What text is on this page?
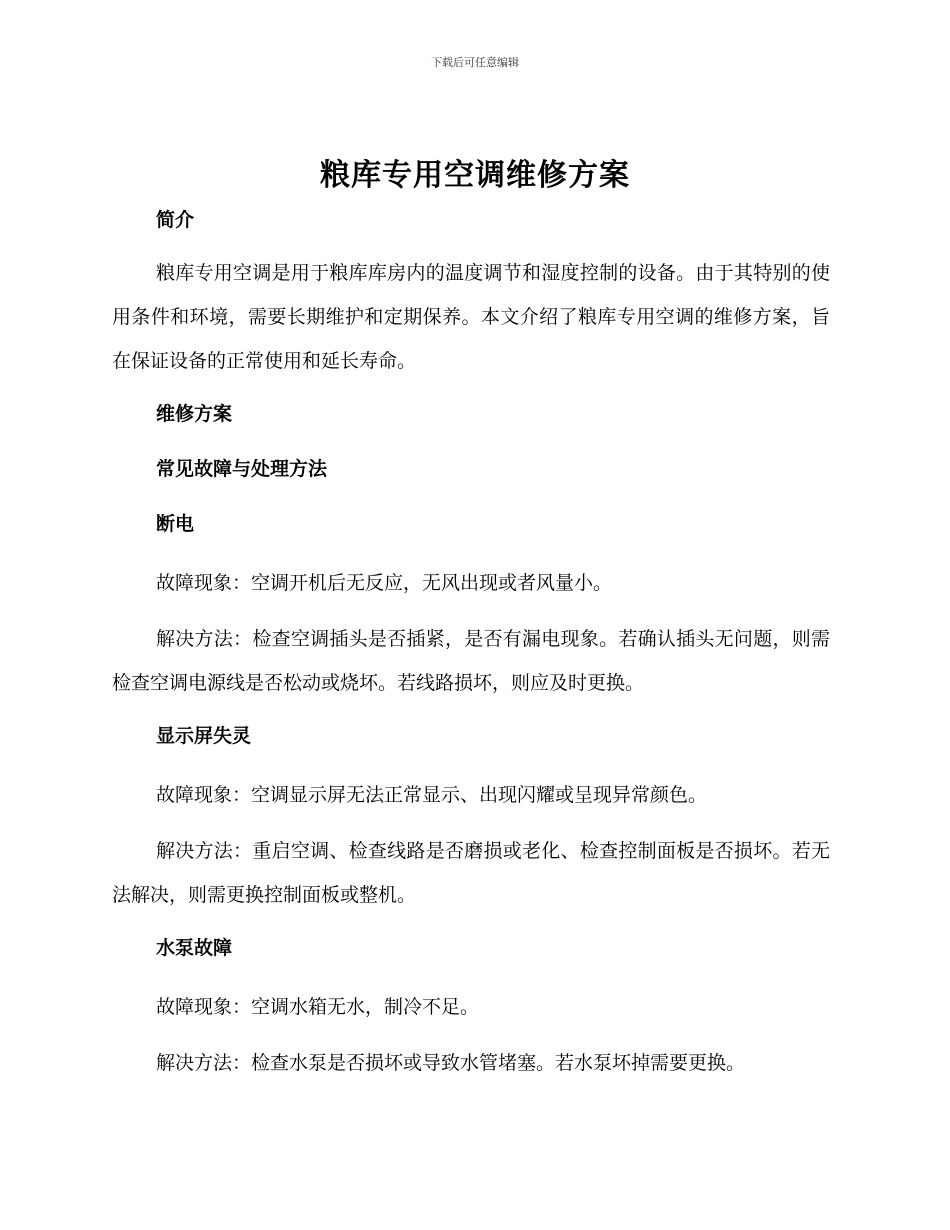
下载后可任意编辑
粮库专用空调维修方案

简介

粮库专用空调是用于粮库库房内的温度调节和湿度控制的设备。由于其特别的使用条件和环境，需要长期维护和定期保养。本文介绍了粮库专用空调的维修方案，旨在保证设备的正常使用和延长寿命。

维修方案

常见故障与处理方法

断电

故障现象：空调开机后无反应，无风出现或者风量小。

解决方法：检查空调插头是否插紧，是否有漏电现象。若确认插头无问题，则需检查空调电源线是否松动或烧坏。若线路损坏，则应及时更换。

显示屏失灵

故障现象：空调显示屏无法正常显示、出现闪耀或呈现异常颜色。

解决方法：重启空调、检查线路是否磨损或老化、检查控制面板是否损坏。若无法解决，则需更换控制面板或整机。

水泵故障

故障现象：空调水箱无水，制冷不足。

解决方法：检查水泵是否损坏或导致水管堵塞。若水泵坏掉需要更换。
